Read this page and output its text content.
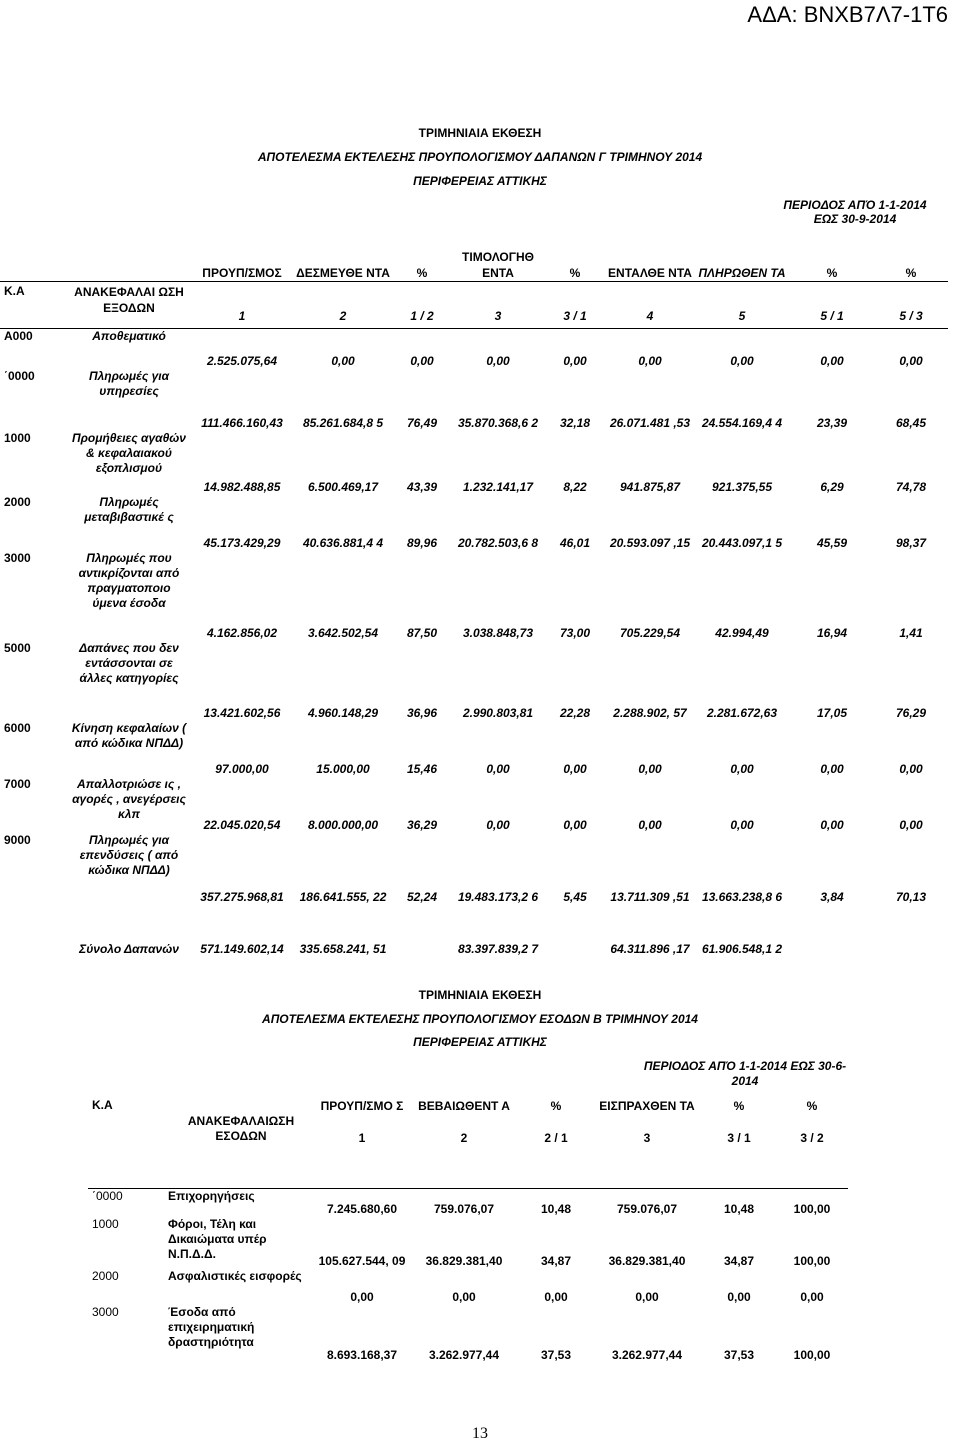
ΑΔΑ: ΒΝΧΒ7Λ7-1Τ6
ΤΡΙΜΗΝΙΑΙΑ ΕΚΘΕΣΗ
ΑΠΟΤΕΛΕΣΜΑ ΕΚΤΕΛΕΣΗΣ ΠΡΟΥΠΟΛΟΓΙΣΜΟΥ ΔΑΠΑΝΩΝ Γ ΤΡΙΜΗΝΟΥ 2014
ΠΕΡΙΦΕΡΕΙΑΣ ΑΤΤΙΚΗΣ
ΠΕΡΙΟΔΟΣ ΑΠΌ 1-1-2014
ΕΩΣ 30-9-2014
		ΠΡΟΥΠ/ΣΜΟΣ	ΔΕΣΜΕΥΘΕ ΝΤΑ	%	ΤΙΜΟΛΟΓΗΘ ΕΝΤΑ	%	ΕΝΤΑΛΘΕ ΝΤΑ	ΠΛΗΡΩΘΕΝ ΤΑ	%	%
Κ.Α	ΑΝΑΚΕΦΑΛΑΙ ΩΣΗ ΕΞΟΔΩΝ	1	2	1 / 2	3	3 / 1	4	5	5 / 1	5 / 3
Α000	Αποθεματικό	2.525.075,64	0,00	0,00	0,00	0,00	0,00	0,00	0,00	0,00
΄0000	Πληρωμές για υπηρεσίες	111.466.160,43	85.261.684,8 5	76,49	35.870.368,6 2	32,18	26.071.481 ,53	24.554.169,4 4	23,39	68,45
1000	Προμήθειες αγαθών & κεφαλαιακού εξοπλισμού	14.982.488,85	6.500.469,17	43,39	1.232.141,17	8,22	941.875,87	921.375,55	6,29	74,78
2000	Πληρωμές μεταβιβαστικέ ς	45.173.429,29	40.636.881,4 4	89,96	20.782.503,6 8	46,01	20.593.097 ,15	20.443.097,1 5	45,59	98,37
3000	Πληρωμές που αντικρίζονται από πραγματοποιο ύμενα έσοδα	4.162.856,02	3.642.502,54	87,50	3.038.848,73	73,00	705.229,54	42.994,49	16,94	1,41
5000	Δαπάνες που δεν εντάσσονται σε άλλες κατηγορίες	13.421.602,56	4.960.148,29	36,96	2.990.803,81	22,28	2.288.902, 57	2.281.672,63	17,05	76,29
6000	Κίνηση κεφαλαίων ( από κώδικα ΝΠΔΔ)	97.000,00	15.000,00	15,46	0,00	0,00	0,00	0,00	0,00	0,00
7000	Απαλλοτριώσε ις , αγορές , ανεγέρσεις κλπ	22.045.020,54	8.000.000,00	36,29	0,00	0,00	0,00	0,00	0,00	0,00
9000	Πληρωμές για επενδύσεις ( από κώδικα ΝΠΔΔ)	357.275.968,81	186.641.555, 22	52,24	19.483.173,2 6	5,45	13.711.309 ,51	13.663.238,8 6	3,84	70,13
	Σύνολο Δαπανών	571.149.602,14	335.658.241, 51		83.397.839,2 7		64.311.896 ,17	61.906.548,1 2		
ΤΡΙΜΗΝΙΑΙΑ ΕΚΘΕΣΗ
ΑΠΟΤΕΛΕΣΜΑ ΕΚΤΕΛΕΣΗΣ ΠΡΟΥΠΟΛΟΓΙΣΜΟΥ ΕΣΟΔΩΝ Β ΤΡΙΜΗΝΟΥ 2014
ΠΕΡΙΦΕΡΕΙΑΣ ΑΤΤΙΚΗΣ
ΠΕΡΙΟΔΟΣ ΑΠΌ 1-1-2014 ΕΩΣ 30-6-
2014
Κ.Α	ΑΝΑΚΕΦΑΛΑΙΩΣΗ ΕΣΟΔΩΝ	ΠΡΟΥΠ/ΣΜΟ Σ	ΒΕΒΑΙΩΘΕΝΤ Α	%	ΕΙΣΠΡΑΧΘΕΝ ΤΑ	%	%
		1	2	2 / 1	3	3 / 1	3 / 2
΄0000	Επιχορηγήσεις	7.245.680,60	759.076,07	10,48	759.076,07	10,48	100,00
1000	Φόροι, Τέλη και Δικαιώματα υπέρ Ν.Π.Δ.Δ.	105.627.544, 09	36.829.381,40	34,87	36.829.381,40	34,87	100,00
2000	Ασφαλιστικές εισφορές	0,00	0,00	0,00	0,00	0,00	0,00
3000	Έσοδα από επιχειρηματική δραστηριότητα	8.693.168,37	3.262.977,44	37,53	3.262.977,44	37,53	100,00
13
